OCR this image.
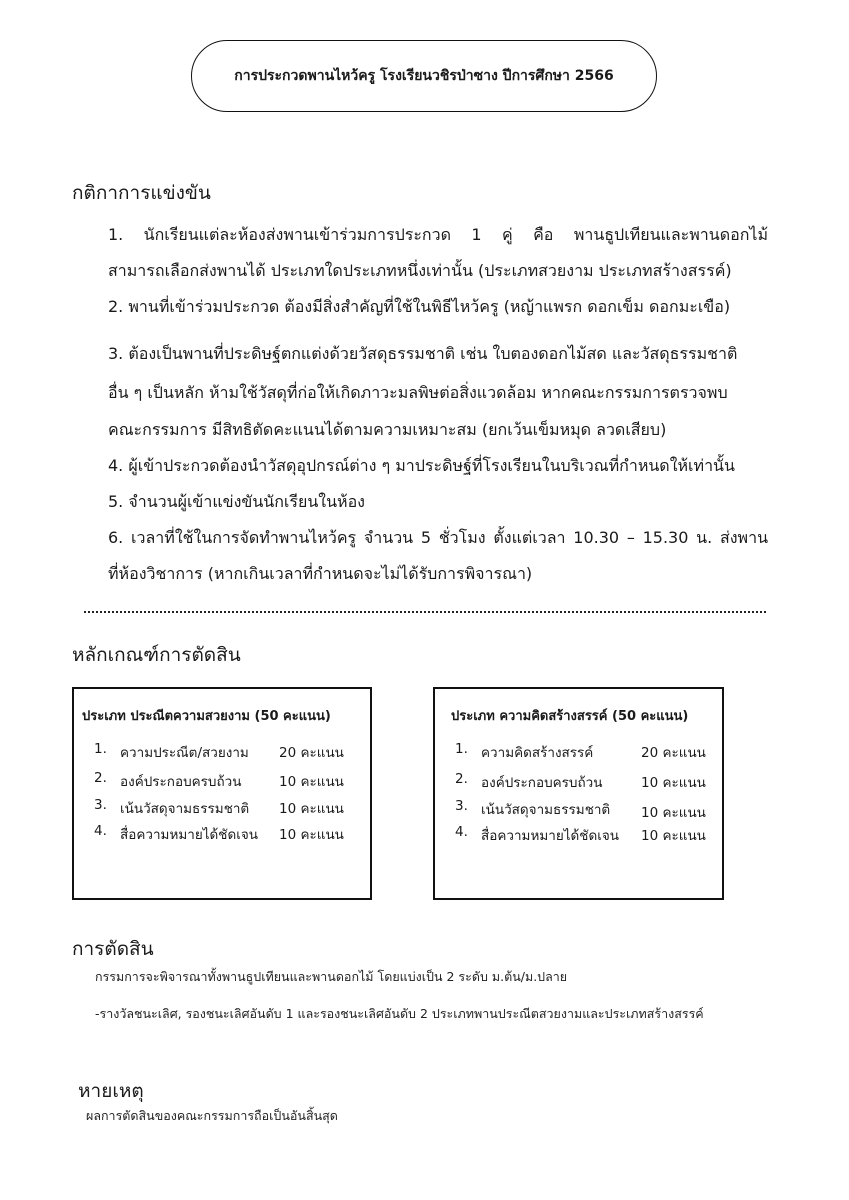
การประกวดพานไหว้ครู โรงเรียนวชิรป่าซาง ปีการศึกษา 2566
กติกาการแข่งขัน
1. นักเรียนแต่ละห้องส่งพานเข้าร่วมการประกวด 1 คู่ คือ พานธูปเทียนและพานดอกไม้
สามารถเลือกส่งพานได้ ประเภทใดประเภทหนึ่งเท่านั้น (ประเภทสวยงาม ประเภทสร้างสรรค์)
2. พานที่เข้าร่วมประกวด ต้องมีสิ่งสำคัญที่ใช้ในพิธีไหว้ครู (หญ้าแพรก ดอกเข็ม ดอกมะเขือ)
3. ต้องเป็นพานที่ประดิษฐ์ตกแต่งด้วยวัสดุธรรมชาติ เช่น ใบตองดอกไม้สด และวัสดุธรรมชาติ
อื่น ๆ เป็นหลัก ห้ามใช้วัสดุที่ก่อให้เกิดภาวะมลพิษต่อสิ่งแวดล้อม หากคณะกรรมการตรวจพบ
คณะกรรมการ มีสิทธิตัดคะแนนได้ตามความเหมาะสม (ยกเว้นเข็มหมุด ลวดเสียบ)
4. ผู้เข้าประกวดต้องนำวัสดุอุปกรณ์ต่าง ๆ มาประดิษฐ์ที่โรงเรียนในบริเวณที่กำหนดให้เท่านั้น
5. จำนวนผู้เข้าแข่งขันนักเรียนในห้อง
6. เวลาที่ใช้ในการจัดทำพานไหว้ครู จำนวน 5 ชั่วโมง ตั้งแต่เวลา 10.30 – 15.30 น. ส่งพาน
ที่ห้องวิชาการ (หากเกินเวลาที่กำหนดจะไม่ได้รับการพิจารณา)
หลักเกณฑ์การตัดสิน
ประเภท ประณีตความสวยงาม (50 คะแนน)
1. ความประณีต/สวยงาม 20 คะแนน
2. องค์ประกอบครบถ้วน	10 คะแนน
3. เน้นวัสดุจามธรรมชาติ 10 คะแนน
4. สื่อความหมายได้ชัดเจน 10 คะแนน
ประเภท ความคิดสร้างสรรค์ (50 คะแนน)
1. ความคิดสร้างสรรค์	20 คะแนน
2. องค์ประกอบครบถ้วน	10 คะแนน
3. เน้นวัสดุจามธรรมชาติ 10 คะแนน
4. สื่อความหมายได้ชัดเจน 10 คะแนน
การตัดสิน
กรรมการจะพิจารณาทั้งพานธูปเทียนและพานดอกไม้ โดยแบ่งเป็น 2 ระดับ ม.ต้น/ม.ปลาย
-รางวัลชนะเลิศ, รองชนะเลิศอันดับ 1 และรองชนะเลิศอันดับ 2 ประเภทพานประณีตสวยงามและประเภทสร้างสรรค์
หายเหตุ
ผลการตัดสินของคณะกรรมการถือเป็นอันสิ้นสุด
